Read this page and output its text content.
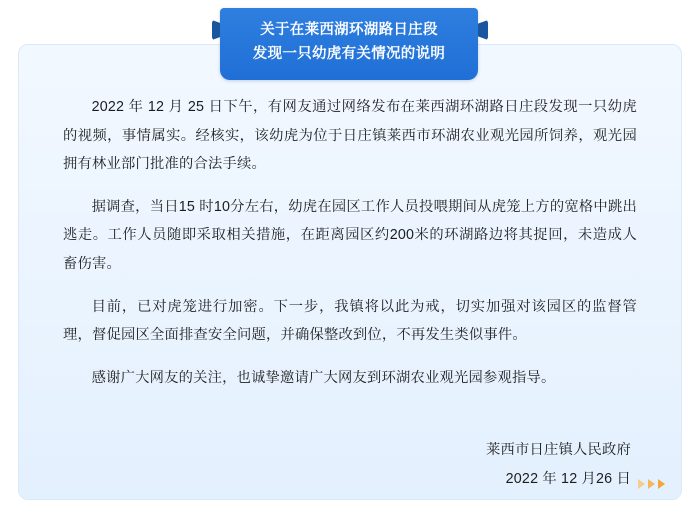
关于在莱西湖环湖路日庄段
发现一只幼虎有关情况的说明

2022 年 12 月 25 日下午，有网友通过网络发布在莱西湖环湖路日庄段发现一只幼虎的视频，事情属实。经核实，该幼虎为位于日庄镇莱西市环湖农业观光园所饲养，观光园拥有林业部门批准的合法手续。

据调查，当日15 时10分左右，幼虎在园区工作人员投喂期间从虎笼上方的宽格中跳出逃走。工作人员随即采取相关措施，在距离园区约200米的环湖路边将其捉回，未造成人畜伤害。

目前，已对虎笼进行加密。下一步，我镇将以此为戒，切实加强对该园区的监督管理，督促园区全面排查安全问题，并确保整改到位，不再发生类似事件。

感谢广大网友的关注，也诚挚邀请广大网友到环湖农业观光园参观指导。

莱西市日庄镇人民政府
2022 年 12 月26 日
